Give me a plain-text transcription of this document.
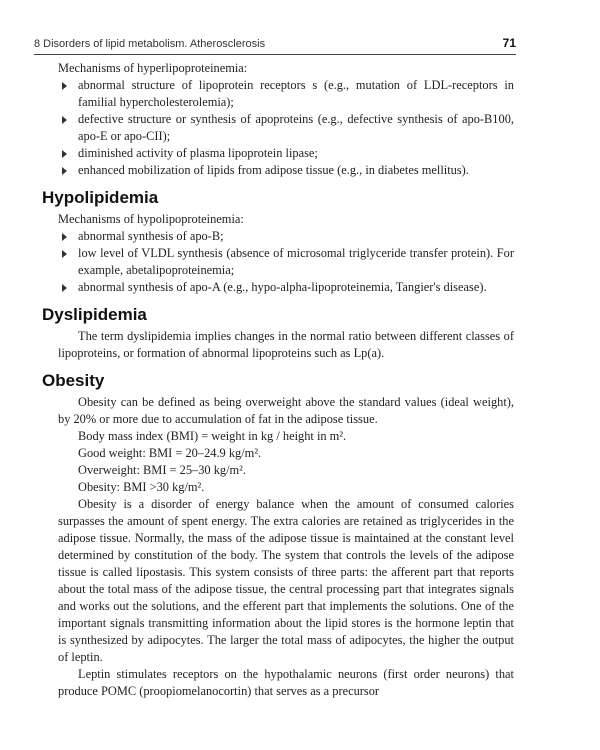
8 Disorders of lipid metabolism. Atherosclerosis	71

Mechanisms of hyperlipoproteinemia:

abnormal structure of lipoprotein receptors s (e.g., mutation of LDL-receptors in familial hypercholesterolemia);
defective structure or synthesis of apoproteins (e.g., defective synthesis of apo-B100, apo-E or apo-CII);
diminished activity of plasma lipoprotein lipase;
enhanced mobilization of lipids from adipose tissue (e.g., in diabetes mellitus).
Hypolipidemia

Mechanisms of hypolipoproteinemia:

abnormal synthesis of apo-B;
low level of VLDL synthesis (absence of microsomal triglyceride transfer protein). For example, abetalipoproteinemia;
abnormal synthesis of apo-A (e.g., hypo-alpha-lipoproteinemia, Tangier's disease).
Dyslipidemia

The term dyslipidemia implies changes in the normal ratio between different classes of lipoproteins, or formation of abnormal lipoproteins such as Lp(a).

Obesity

Obesity can be defined as being overweight above the standard values (ideal weight), by 20% or more due to accumulation of fat in the adipose tissue.

Body mass index (BMI) = weight in kg / height in m².

Good weight: BMI = 20–24.9 kg/m².

Overweight: BMI = 25–30 kg/m².

Obesity: BMI >30 kg/m².

Obesity is a disorder of energy balance when the amount of consumed calories surpasses the amount of spent energy. The extra calories are retained as triglycerides in the adipose tissue. Normally, the mass of the adipose tissue is maintained at the constant level determined by constitution of the body. The system that controls the levels of the adipose tissue is called lipostasis. This system consists of three parts: the afferent part that reports about the total mass of the adipose tissue, the central processing part that integrates signals and works out the solutions, and the efferent part that implements the solutions. One of the important signals transmitting information about the lipid stores is the hormone leptin that is synthesized by adipocytes. The larger the total mass of adipocytes, the higher the output of leptin.

Leptin stimulates receptors on the hypothalamic neurons (first order neurons) that produce POMC (proopiomelanocortin) that serves as a precursor
